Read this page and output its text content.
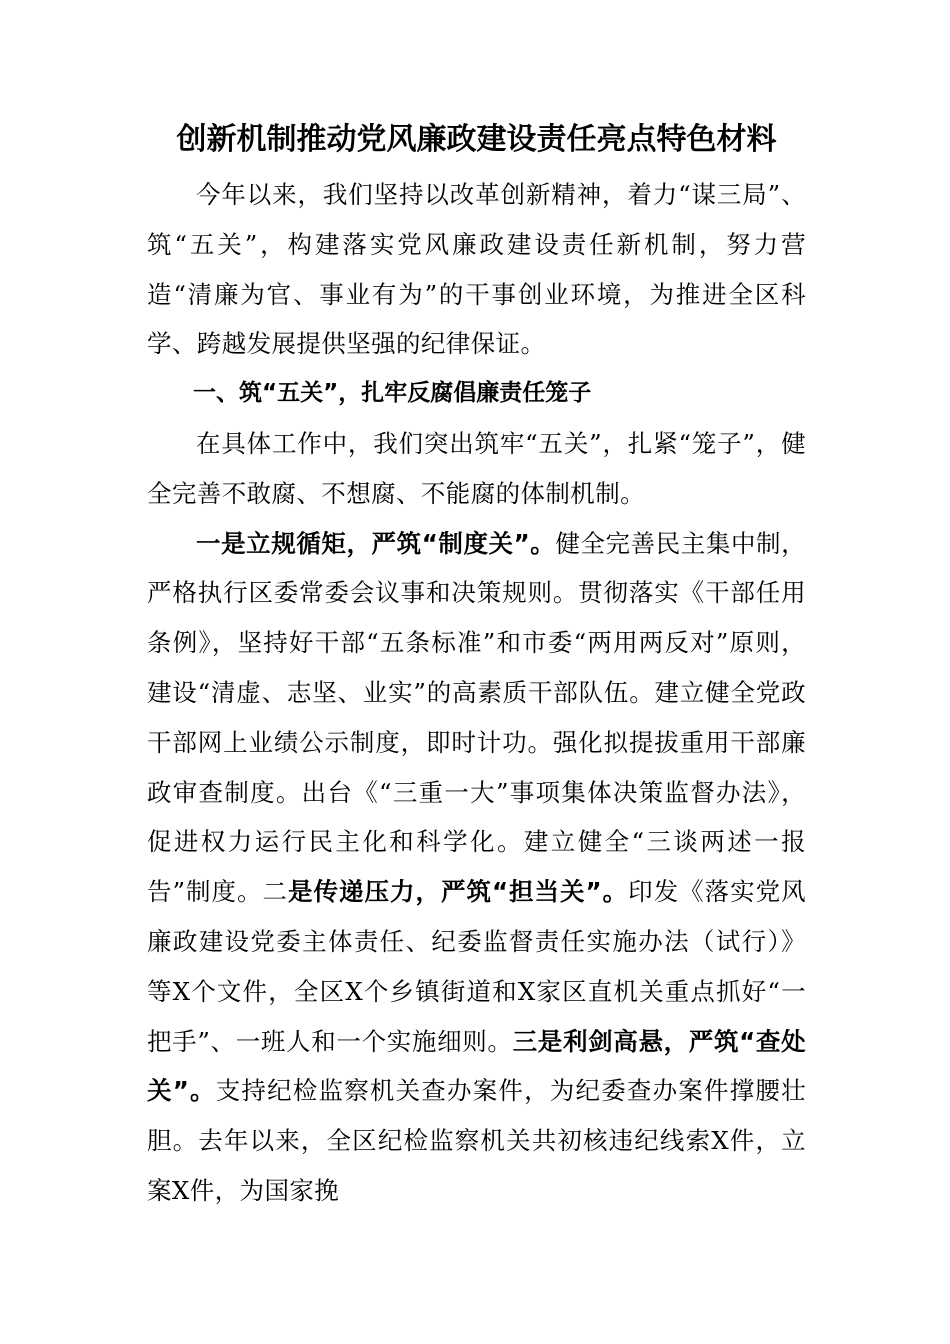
创新机制推动党风廉政建设责任亮点特色材料

今年以来，我们坚持以改革创新精神，着力“谋三局”、筑“五关”，构建落实党风廉政建设责任新机制，努力营造“清廉为官、事业有为”的干事创业环境，为推进全区科学、跨越发展提供坚强的纪律保证。

一、筑“五关”，扎牢反腐倡廉责任笼子

在具体工作中，我们突出筑牢“五关”，扎紧“笼子”，健全完善不敢腐、不想腐、不能腐的体制机制。

一是立规循矩，严筑“制度关”。健全完善民主集中制，严格执行区委常委会议事和决策规则。贯彻落实《干部任用条例》，坚持好干部“五条标准”和市委“两用两反对”原则，建设“清虚、志坚、业实”的高素质干部队伍。建立健全党政干部网上业绩公示制度，即时计功。强化拟提拔重用干部廉政审查制度。出台《“三重一大”事项集体决策监督办法》，促进权力运行民主化和科学化。建立健全“三谈两述一报告”制度。二是传递压力，严筑“担当关”。印发《落实党风廉政建设党委主体责任、纪委监督责任实施办法（试行）》等X个文件，全区X个乡镇街道和X家区直机关重点抓好“一把手”、一班人和一个实施细则。三是利剑高悬，严筑“查处关”。支持纪检监察机关查办案件，为纪委查办案件撑腰壮胆。去年以来，全区纪检监察机关共初核违纪线索X件，立案X件，为国家挽
